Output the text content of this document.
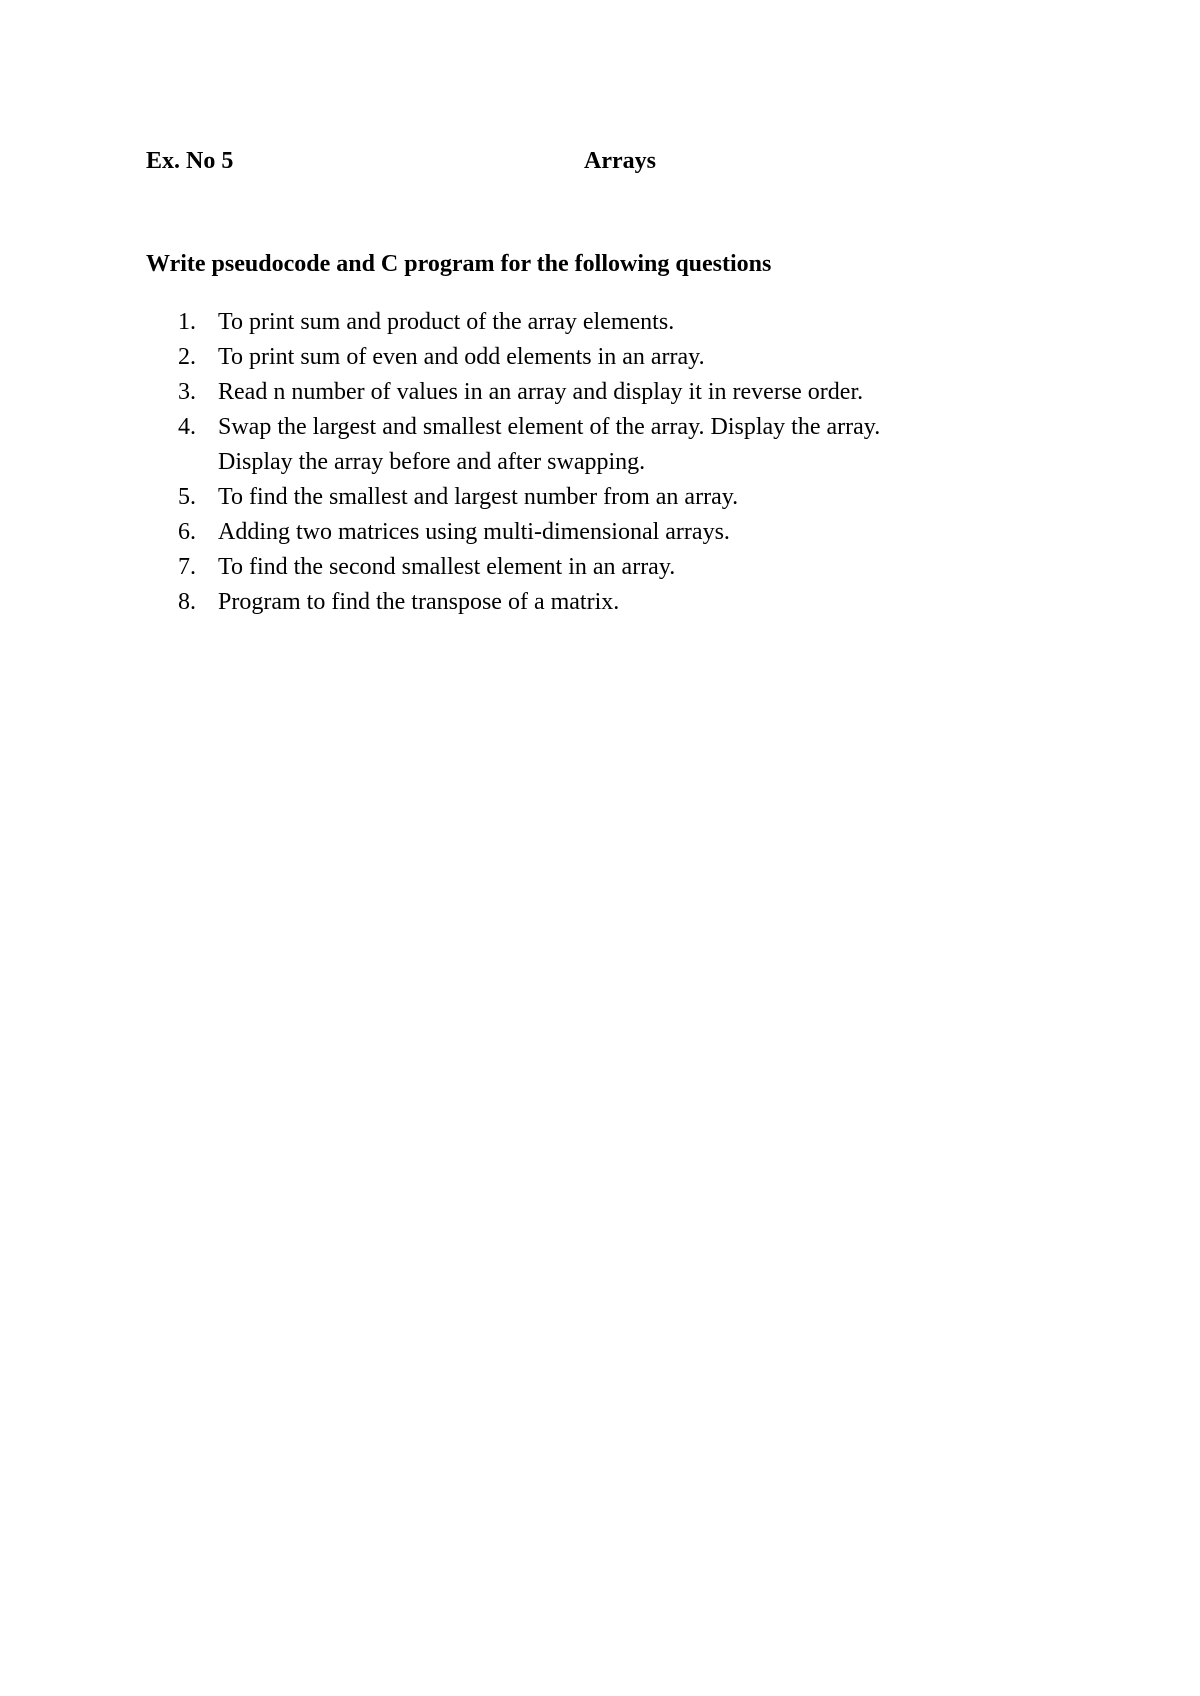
Ex. No 5	Arrays
Write pseudocode and C program for the following questions
1. To print sum and product of the array elements.
2. To print sum of even and odd elements in an array.
3. Read n number of values in an array and display it in reverse order.
4. Swap the largest and smallest element of the array. Display the array.
Display the array before and after swapping.
5. To find the smallest and largest number from an array.
6. Adding two matrices using multi-dimensional arrays.
7. To find the second smallest element in an array.
8. Program to find the transpose of a matrix.
